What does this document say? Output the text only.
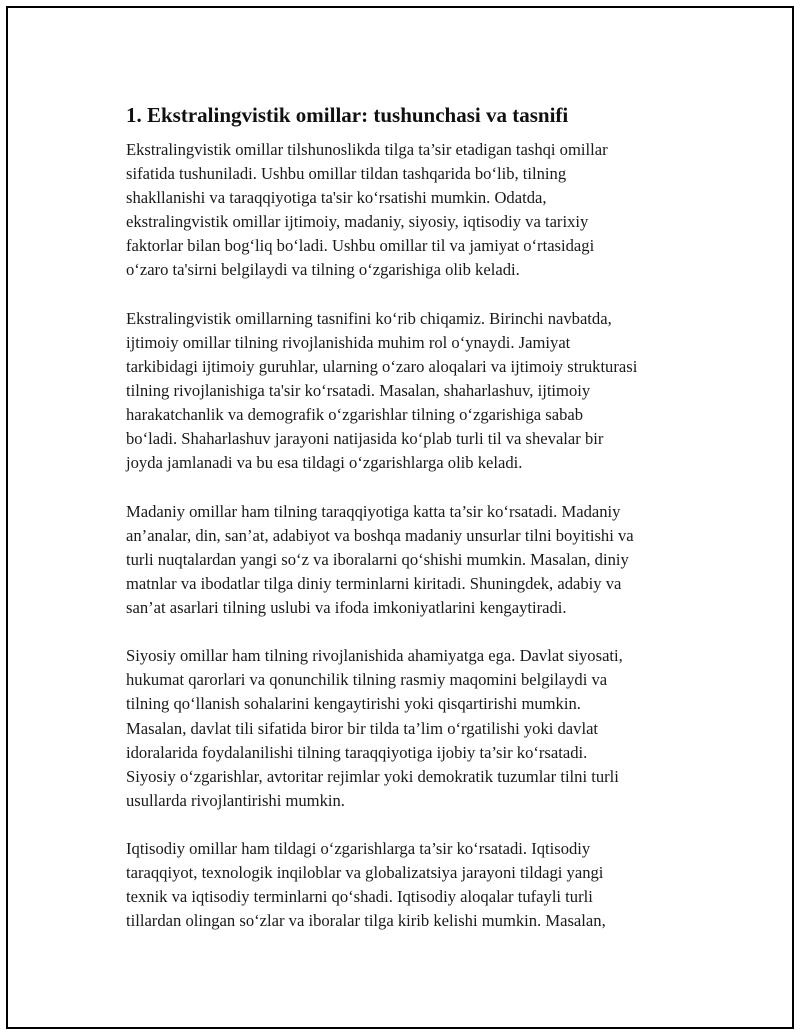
1. Ekstralingvistik omillar: tushunchasi va tasnifi

Ekstralingvistik omillar tilshunoslikda tilga ta’sir etadigan tashqi omillar
sifatida tushuniladi. Ushbu omillar tildan tashqarida bo‘lib, tilning
shakllanishi va taraqqiyotiga ta'sir ko‘rsatishi mumkin. Odatda,
ekstralingvistik omillar ijtimoiy, madaniy, siyosiy, iqtisodiy va tarixiy
faktorlar bilan bog‘liq bo‘ladi. Ushbu omillar til va jamiyat o‘rtasidagi
o‘zaro ta'sirni belgilaydi va tilning o‘zgarishiga olib keladi.

Ekstralingvistik omillarning tasnifini ko‘rib chiqamiz. Birinchi navbatda,
ijtimoiy omillar tilning rivojlanishida muhim rol o‘ynaydi. Jamiyat
tarkibidagi ijtimoiy guruhlar, ularning o‘zaro aloqalari va ijtimoiy strukturasi
tilning rivojlanishiga ta'sir ko‘rsatadi. Masalan, shaharlashuv, ijtimoiy
harakatchanlik va demografik o‘zgarishlar tilning o‘zgarishiga sabab
bo‘ladi. Shaharlashuv jarayoni natijasida ko‘plab turli til va shevalar bir
joyda jamlanadi va bu esa tildagi o‘zgarishlarga olib keladi.

Madaniy omillar ham tilning taraqqiyotiga katta ta’sir ko‘rsatadi. Madaniy
an’analar, din, san’at, adabiyot va boshqa madaniy unsurlar tilni boyitishi va
turli nuqtalardan yangi so‘z va iboralarni qo‘shishi mumkin. Masalan, diniy
matnlar va ibodatlar tilga diniy terminlarni kiritadi. Shuningdek, adabiy va
san’at asarlari tilning uslubi va ifoda imkoniyatlarini kengaytiradi.

Siyosiy omillar ham tilning rivojlanishida ahamiyatga ega. Davlat siyosati,
hukumat qarorlari va qonunchilik tilning rasmiy maqomini belgilaydi va
tilning qo‘llanish sohalarini kengaytirishi yoki qisqartirishi mumkin.
Masalan, davlat tili sifatida biror bir tilda ta’lim o‘rgatilishi yoki davlat
idoralarida foydalanilishi tilning taraqqiyotiga ijobiy ta’sir ko‘rsatadi.
Siyosiy o‘zgarishlar, avtoritar rejimlar yoki demokratik tuzumlar tilni turli
usullarda rivojlantirishi mumkin.

Iqtisodiy omillar ham tildagi o‘zgarishlarga ta’sir ko‘rsatadi. Iqtisodiy
taraqqiyot, texnologik inqiloblar va globalizatsiya jarayoni tildagi yangi
texnik va iqtisodiy terminlarni qo‘shadi. Iqtisodiy aloqalar tufayli turli
tillardan olingan so‘zlar va iboralar tilga kirib kelishi mumkin. Masalan,
